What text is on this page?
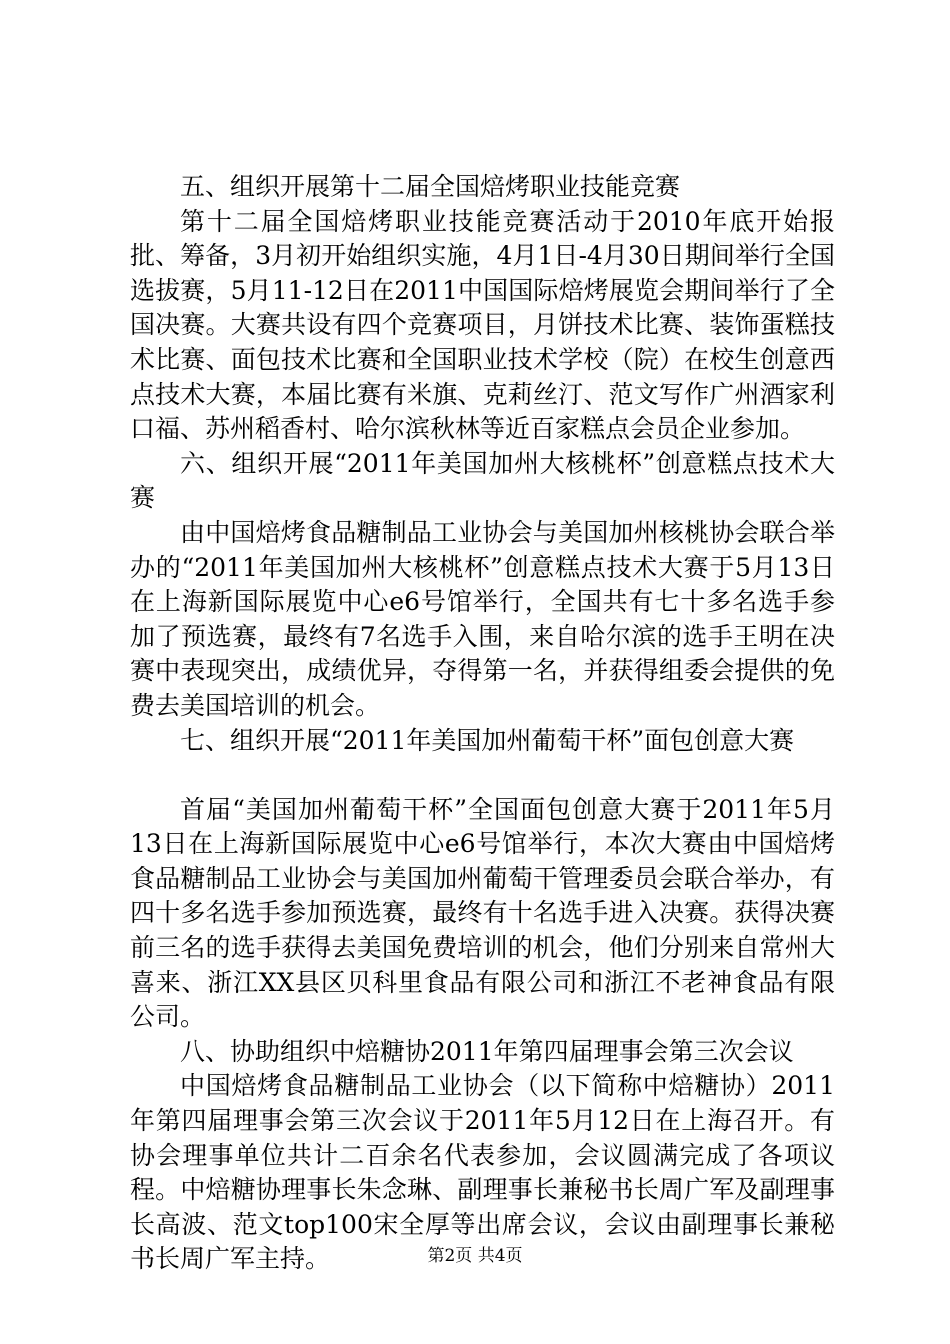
五、组织开展第十二届全国焙烤职业技能竞赛

第十二届全国焙烤职业技能竞赛活动于2010年底开始报批、筹备，3月初开始组织实施，4月1日-4月30日期间举行全国选拔赛，5月11-12日在2011中国国际焙烤展览会期间举行了全国决赛。大赛共设有四个竞赛项目，月饼技术比赛、装饰蛋糕技术比赛、面包技术比赛和全国职业技术学校（院）在校生创意西点技术大赛，本届比赛有米旗、克莉丝汀、范文写作广州酒家利口福、苏州稻香村、哈尔滨秋林等近百家糕点会员企业参加。

六、组织开展“2011年美国加州大核桃杯”创意糕点技术大赛

由中国焙烤食品糖制品工业协会与美国加州核桃协会联合举办的“2011年美国加州大核桃杯”创意糕点技术大赛于5月13日在上海新国际展览中心e6号馆举行，全国共有七十多名选手参加了预选赛，最终有7名选手入围，来自哈尔滨的选手王明在决赛中表现突出，成绩优异，夺得第一名，并获得组委会提供的免费去美国培训的机会。

七、组织开展“2011年美国加州葡萄干杯”面包创意大赛

首届“美国加州葡萄干杯”全国面包创意大赛于2011年5月13日在上海新国际展览中心e6号馆举行，本次大赛由中国焙烤食品糖制品工业协会与美国加州葡萄干管理委员会联合举办，有四十多名选手参加预选赛，最终有十名选手进入决赛。获得决赛前三名的选手获得去美国免费培训的机会，他们分别来自常州大喜来、浙江XX县区贝科里食品有限公司和浙江不老神食品有限公司。

八、协助组织中焙糖协2011年第四届理事会第三次会议

中国焙烤食品糖制品工业协会（以下简称中焙糖协）2011年第四届理事会第三次会议于2011年5月12日在上海召开。有协会理事单位共计二百余名代表参加，会议圆满完成了各项议程。中焙糖协理事长朱念琳、副理事长兼秘书长周广军及副理事长高波、范文top100宋全厚等出席会议，会议由副理事长兼秘书长周广军主持。	第2页 共4页
